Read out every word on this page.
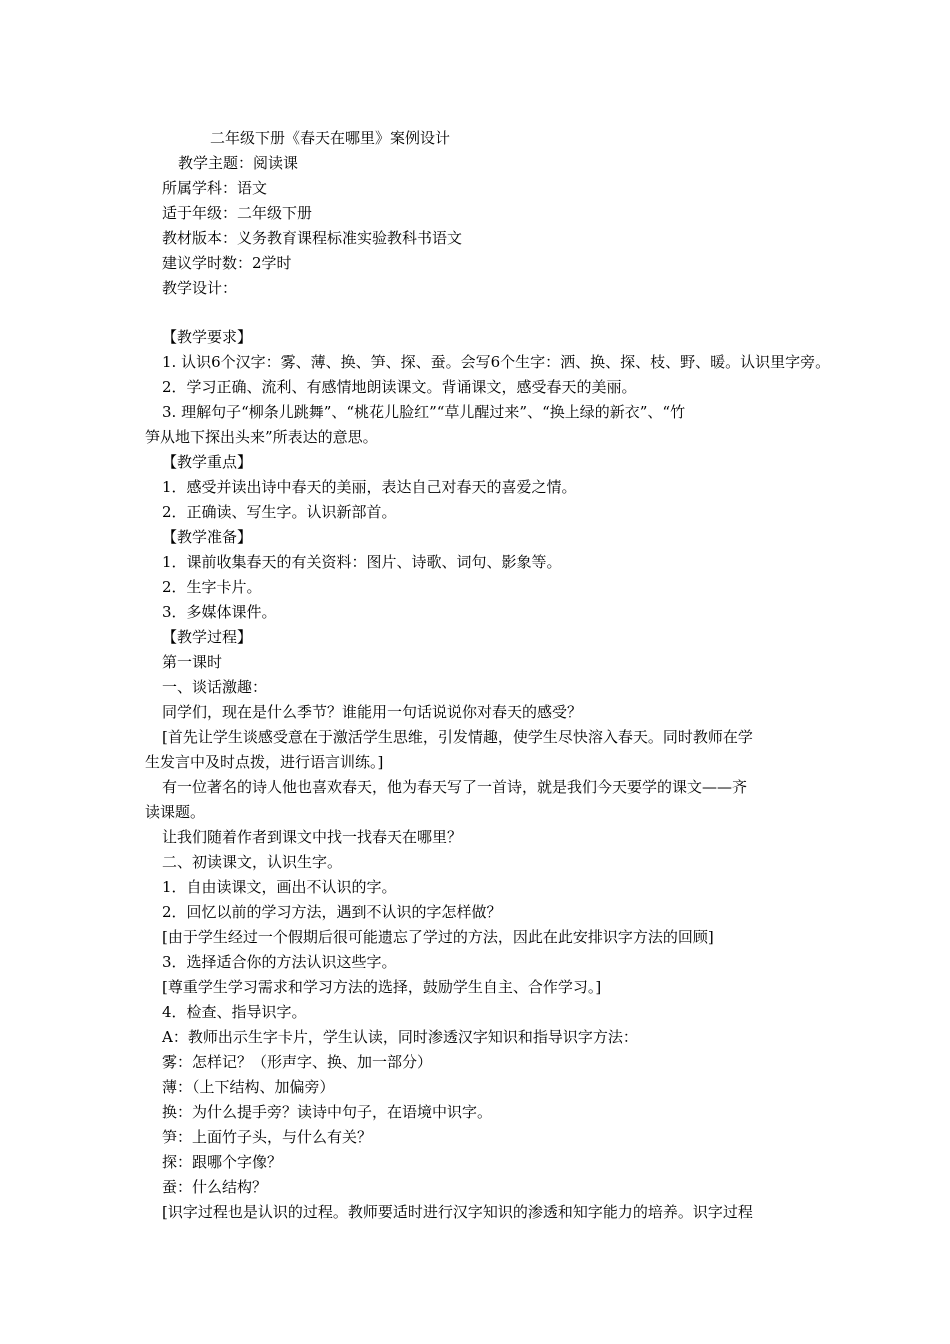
二年级下册《春天在哪里》案例设计
教学主题：阅读课
所属学科：语文
适于年级：二年级下册
教材版本：义务教育课程标准实验教科书语文
建议学时数：2学时
教学设计：
【教学要求】
1. 认识6个汉字：雾、薄、换、笋、探、蚕。会写6个生字：洒、换、探、枝、野、暖。认识里字旁。
2．学习正确、流利、有感情地朗读课文。背诵课文，感受春天的美丽。
3. 理解句子“柳条儿跳舞”、“桃花儿脸红”“草儿醒过来”、“换上绿的新衣”、“竹
笋从地下探出头来”所表达的意思。
【教学重点】
1．感受并读出诗中春天的美丽，表达自己对春天的喜爱之情。
2．正确读、写生字。认识新部首。
【教学准备】
1．课前收集春天的有关资料：图片、诗歌、词句、影象等。
2．生字卡片。
3．多媒体课件。
【教学过程】
第一课时
一、谈话激趣：
同学们，现在是什么季节？谁能用一句话说说你对春天的感受？
[首先让学生谈感受意在于激活学生思维，引发情趣，使学生尽快溶入春天。同时教师在学
生发言中及时点拨，进行语言训练。]
有一位著名的诗人他也喜欢春天，他为春天写了一首诗，就是我们今天要学的课文——齐
读课题。
让我们随着作者到课文中找一找春天在哪里？
二、初读课文，认识生字。
1．自由读课文，画出不认识的字。
2．回忆以前的学习方法，遇到不认识的字怎样做？
[由于学生经过一个假期后很可能遗忘了学过的方法，因此在此安排识字方法的回顾]
3．选择适合你的方法认识这些字。
[尊重学生学习需求和学习方法的选择，鼓励学生自主、合作学习。]
4．检查、指导识字。
A：教师出示生字卡片，学生认读，同时渗透汉字知识和指导识字方法：
雾：怎样记？（形声字、换、加一部分）
薄：（上下结构、加偏旁）
换：为什么提手旁？读诗中句子，在语境中识字。
笋：上面竹子头，与什么有关？
探：跟哪个字像？
蚕：什么结构？
[识字过程也是认识的过程。教师要适时进行汉字知识的渗透和知字能力的培养。识字过程
